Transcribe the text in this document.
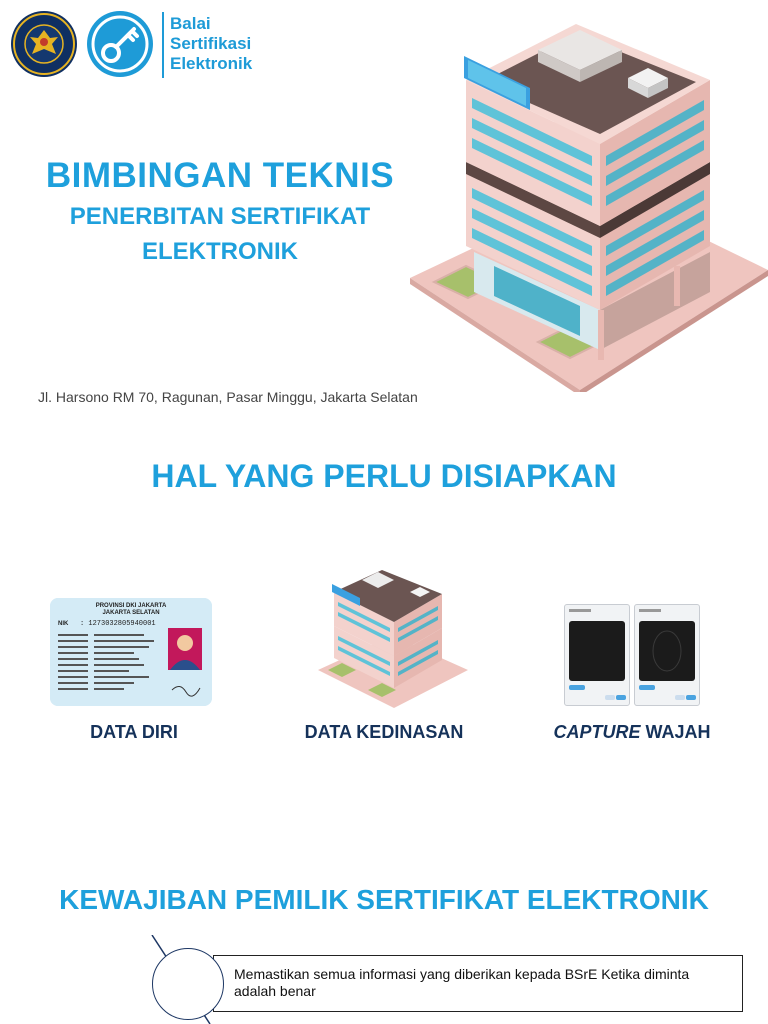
Balai
Sertifikasi
Elektronik
BIMBINGAN TEKNIS
PENERBITAN SERTIFIKAT
ELEKTRONIK
Jl. Harsono RM 70, Ragunan, Pasar Minggu, Jakarta Selatan
HAL YANG PERLU DISIAPKAN
PROVINSI DKI JAKARTA
JAKARTA SELATAN
NIK : 1273032805940001
DATA DIRI	DATA KEDINASAN	CAPTURE WAJAH
KEWAJIBAN PEMILIK SERTIFIKAT ELEKTRONIK
Memastikan semua informasi yang diberikan kepada BSrE Ketika diminta adalah benar
